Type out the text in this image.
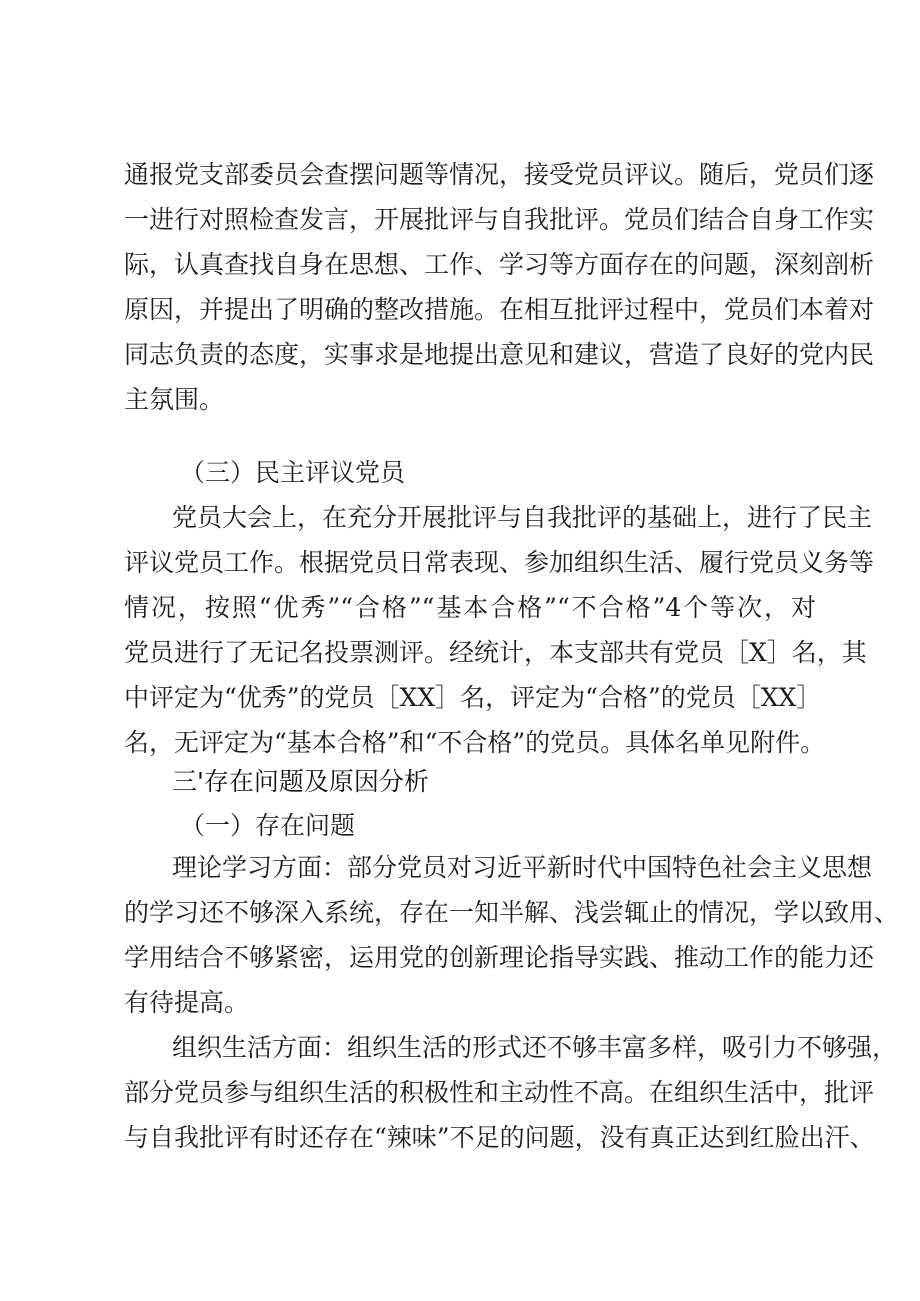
通报党支部委员会查摆问题等情况，接受党员评议。随后，党员们逐
一进行对照检查发言，开展批评与自我批评。党员们结合自身工作实
际，认真查找自身在思想、工作、学习等方面存在的问题，深刻剖析
原因，并提出了明确的整改措施。在相互批评过程中，党员们本着对
同志负责的态度，实事求是地提出意见和建议，营造了良好的党内民
主氛围。
（三）民主评议党员
党员大会上，在充分开展批评与自我批评的基础上，进行了民主
评议党员工作。根据党员日常表现、参加组织生活、履行党员义务等
情况，按照“优秀”“合格”“基本合格”“不合格”4个等次，对
党员进行了无记名投票测评。经统计，本支部共有党员［X］名，其
中评定为“优秀”的党员［XX］名，评定为“合格”的党员［XX］
名，无评定为“基本合格”和“不合格”的党员。具体名单见附件。
三'存在问题及原因分析
（一）存在问题
理论学习方面：部分党员对习近平新时代中国特色社会主义思想
的学习还不够深入系统，存在一知半解、浅尝辄止的情况，学以致用、
学用结合不够紧密，运用党的创新理论指导实践、推动工作的能力还
有待提高。
组织生活方面：组织生活的形式还不够丰富多样，吸引力不够强，
部分党员参与组织生活的积极性和主动性不高。在组织生活中，批评
与自我批评有时还存在“辣味”不足的问题，没有真正达到红脸出汗、
